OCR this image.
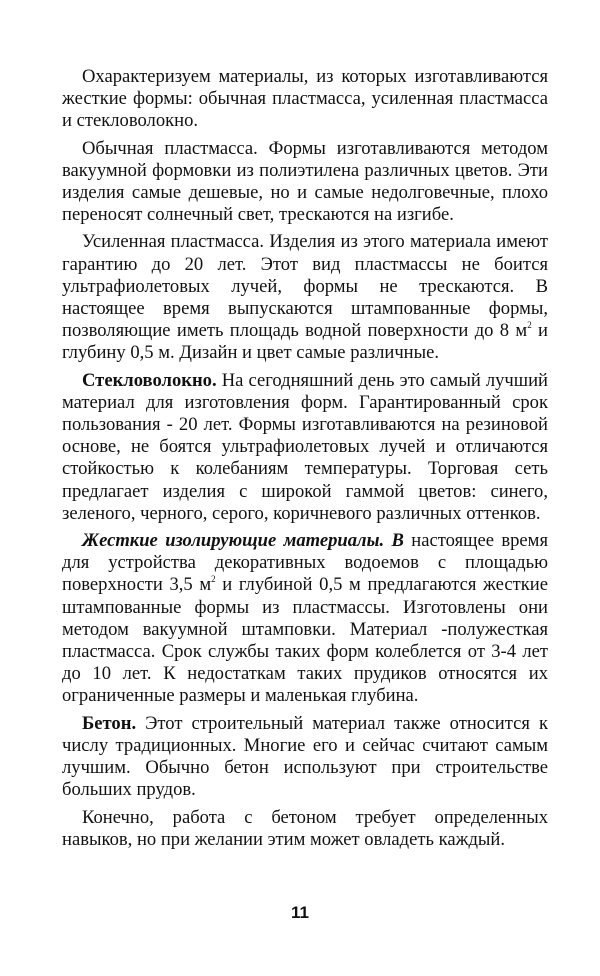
Охарактеризуем материалы, из которых изготавливаются жесткие формы: обычная пластмасса, усиленная пластмасса и стекловолокно.

Обычная пластмасса. Формы изготавливаются методом вакуумной формовки из полиэтилена различных цветов. Эти изделия самые дешевые, но и самые недолговечные, плохо переносят солнечный свет, трескаются на изгибе.

Усиленная пластмасса. Изделия из этого материала имеют гарантию до 20 лет. Этот вид пластмассы не боится ультрафиолетовых лучей, формы не трескаются. В настоящее время выпускаются штампованные формы, позволяющие иметь площадь водной поверхности до 8 $м^2$ и глубину 0,5 м. Дизайн и цвет самые различные.

Стекловолокно. На сегодняшний день это самый лучший материал для изготовления форм. Гарантированный срок пользования - 20 лет. Формы изготавливаются на резиновой основе, не боятся ультрафиолетовых лучей и отличаются стойкостью к колебаниям температуры. Торговая сеть предлагает изделия с широкой гаммой цветов: синего, зеленого, черного, серого, коричневого различных оттенков.

Жесткие изолирующие материалы. В настоящее время для устройства декоративных водоемов с площадью поверхности 3,5 $м^2$ и глубиной 0,5 м предлагаются жесткие штампованные формы из пластмассы. Изготовлены они методом вакуумной штамповки. Материал -полужесткая пластмасса. Срок службы таких форм колеблется от 3-4 лет до 10 лет. К недостаткам таких прудиков относятся их ограниченные размеры и маленькая глубина.

Бетон. Этот строительный материал также относится к числу традиционных. Многие его и сейчас считают самым лучшим. Обычно бетон используют при строительстве больших прудов.

Конечно, работа с бетоном требует определенных навыков, но при желании этим может овладеть каждый.

11
